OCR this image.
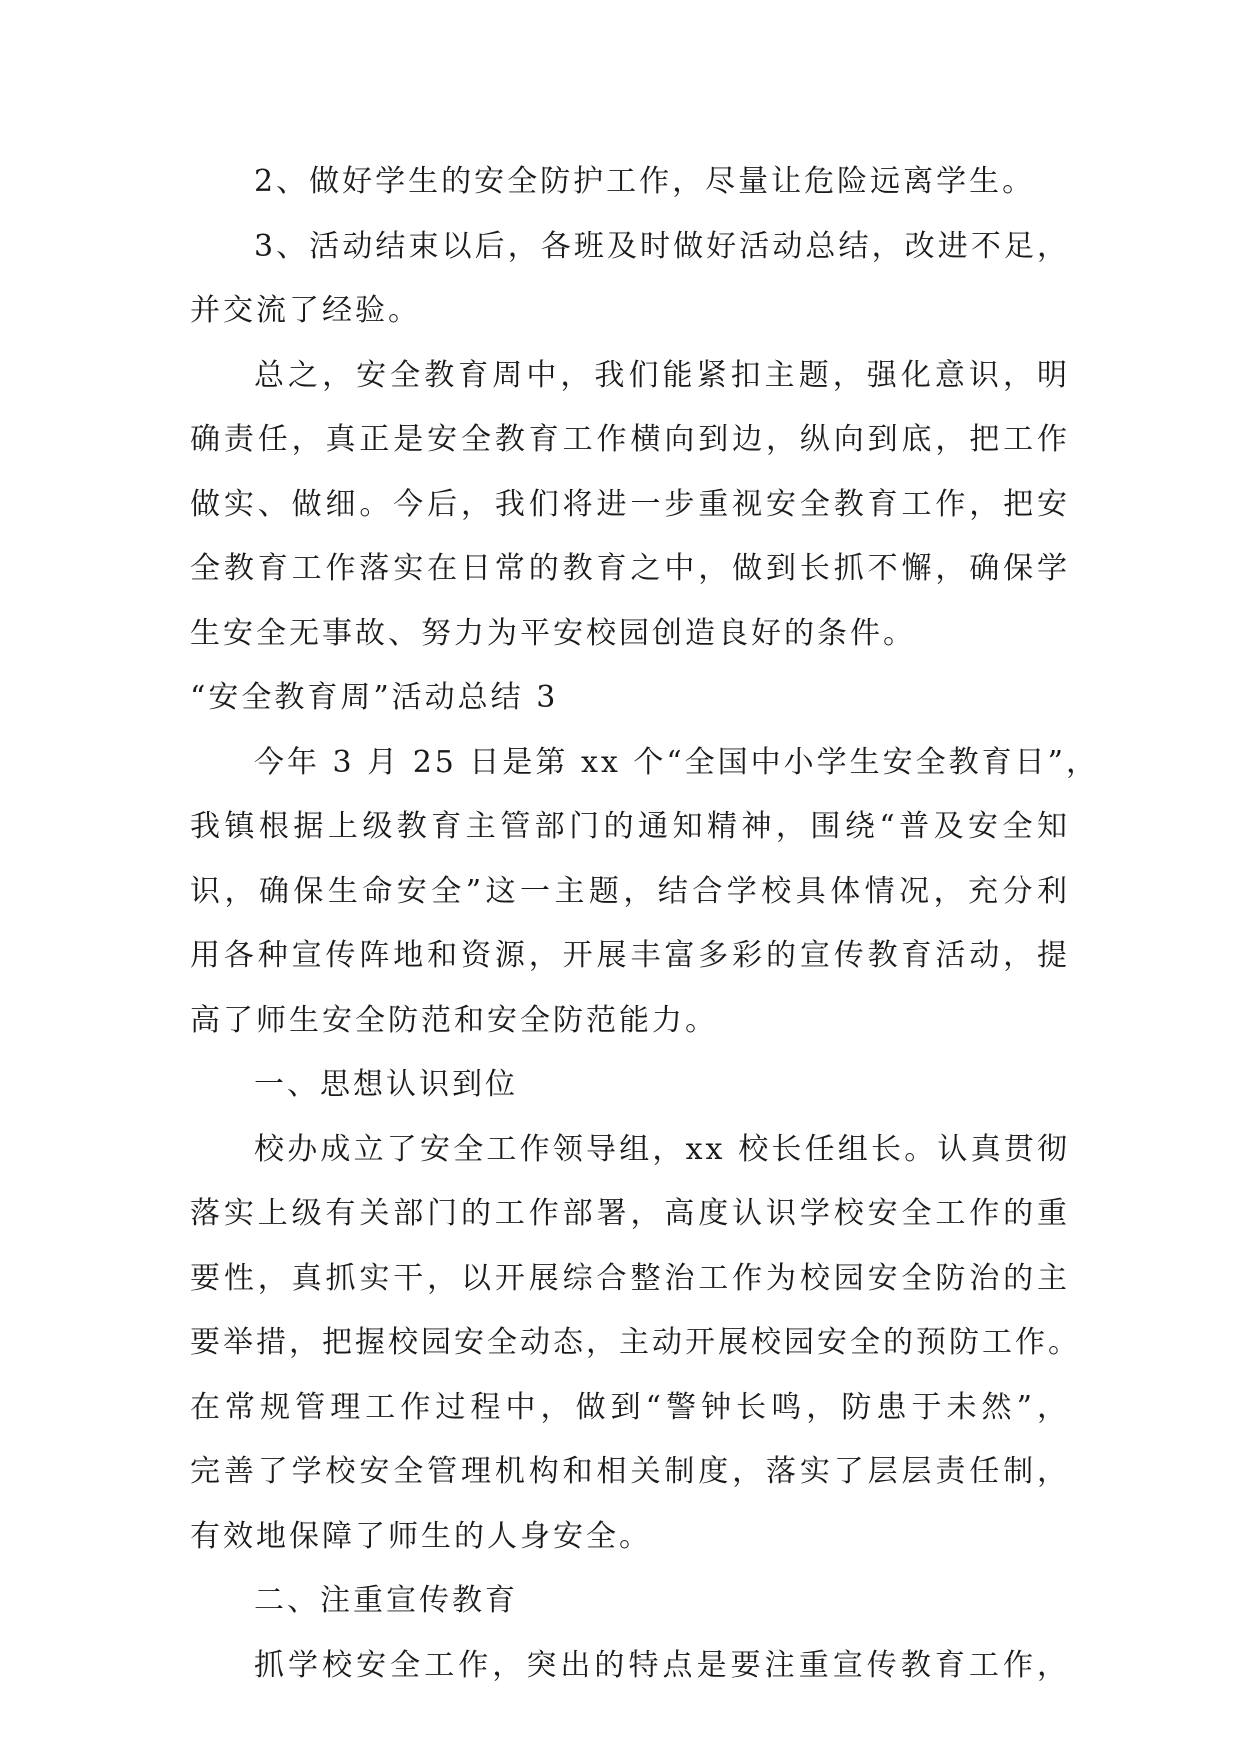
2、做好学生的安全防护工作，尽量让危险远离学生。
3、活动结束以后，各班及时做好活动总结，改进不足，
并交流了经验。
总之，安全教育周中，我们能紧扣主题，强化意识，明
确责任，真正是安全教育工作横向到边，纵向到底，把工作
做实、做细。今后，我们将进一步重视安全教育工作，把安
全教育工作落实在日常的教育之中，做到长抓不懈，确保学
生安全无事故、努力为平安校园创造良好的条件。
“安全教育周”活动总结 3
今年 3 月 25 日是第 xx 个“全国中小学生安全教育日”，
我镇根据上级教育主管部门的通知精神，围绕“普及安全知
识，确保生命安全”这一主题，结合学校具体情况，充分利
用各种宣传阵地和资源，开展丰富多彩的宣传教育活动，提
高了师生安全防范和安全防范能力。
一、思想认识到位
校办成立了安全工作领导组，xx 校长任组长。认真贯彻
落实上级有关部门的工作部署，高度认识学校安全工作的重
要性，真抓实干，以开展综合整治工作为校园安全防治的主
要举措，把握校园安全动态，主动开展校园安全的预防工作。
在常规管理工作过程中，做到“警钟长鸣，防患于未然”，
完善了学校安全管理机构和相关制度，落实了层层责任制，
有效地保障了师生的人身安全。
二、注重宣传教育
抓学校安全工作，突出的特点是要注重宣传教育工作，
